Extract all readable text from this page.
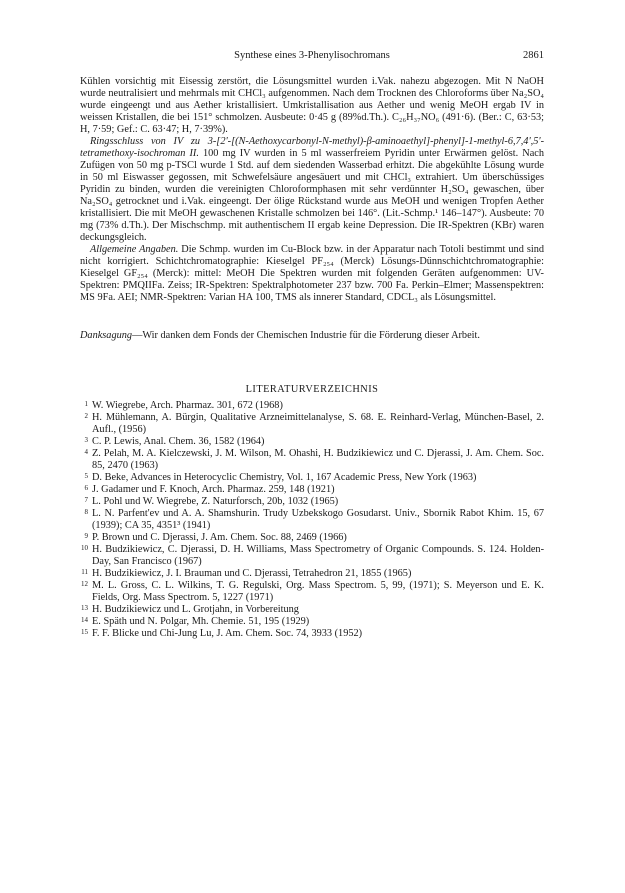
Synthese eines 3-Phenylisochromans	2861

Kühlen vorsichtig mit Eisessig zerstört, die Lösungsmittel wurden i.Vak. nahezu abgezogen. Mit N NaOH wurde neutralisiert und mehrmals mit CHCl₃ aufgenommen. Nach dem Trocknen des Chloroforms über Na₂SO₄ wurde eingeengt und aus Aether kristallisiert. Umkristallisation aus Aether und wenig MeOH ergab IV in weissen Kristallen, die bei 151° schmolzen. Ausbeute: 0·45 g (89%d.Th.). C₂₆H₃₇NO₆ (491·6). (Ber.: C, 63·53; H, 7·59; Gef.: C. 63·47; H, 7·39%).

Ringsschluss von IV zu 3-[2'-[(N-Aethoxycarbonyl-N-methyl)-β-aminoaethyl]-phenyl]-1-methyl-6,7,4',5'-tetramethoxy-isochroman II. 100 mg IV wurden in 5 ml wasserfreiem Pyridin unter Erwärmen gelöst. Nach Zufügen von 50 mg p-TSCl wurde 1 Std. auf dem siedenden Wasserbad erhitzt. Die abgekühlte Lösung wurde in 50 ml Eiswasser gegossen, mit Schwefelsäure angesäuert und mit CHCl₃ extrahiert. Um überschüssiges Pyridin zu binden, wurden die vereinigten Chloroformphasen mit sehr verdünnter H₂SO₄ gewaschen, über Na₂SO₄ getrocknet und i.Vak. eingeengt. Der ölige Rückstand wurde aus MeOH und wenigen Tropfen Aether kristallisiert. Die mit MeOH gewaschenen Kristalle schmolzen bei 146°. (Lit.-Schmp.¹ 146–147°). Ausbeute: 70 mg (73% d.Th.). Der Mischschmp. mit authentischem II ergab keine Depression. Die IR-Spektren (KBr) waren deckungsgleich.

Allgemeine Angaben. Die Schmp. wurden im Cu-Block bzw. in der Apparatur nach Totoli bestimmt und sind nicht korrigiert. Schichtchromatographie: Kieselgel PF₂₅₄ (Merck) Lösungs-Dünnschichtchromatographie: Kieselgel GF₂₅₄ (Merck): mittel: MeOH Die Spektren wurden mit folgenden Geräten aufgenommen: UV-Spektren: PMQIIFa. Zeiss; IR-Spektren: Spektralphotometer 237 bzw. 700 Fa. Perkin–Elmer; Massenspektren: MS 9Fa. AEI; NMR-Spektren: Varian HA 100, TMS als innerer Standard, CDCL₃ als Lösungsmittel.

Danksagung—Wir danken dem Fonds der Chemischen Industrie für die Förderung dieser Arbeit.

LITERATURVERZEICHNIS

1 W. Wiegrebe, Arch. Pharmaz. 301, 672 (1968)
2 H. Mühlemann, A. Bürgin, Qualitative Arzneimittelanalyse, S. 68. E. Reinhard-Verlag, München-Basel, 2. Aufl., (1956)
3 C. P. Lewis, Anal. Chem. 36, 1582 (1964)
4 Z. Pelah, M. A. Kielczewski, J. M. Wilson, M. Ohashi, H. Budzikiewicz und C. Djerassi, J. Am. Chem. Soc. 85, 2470 (1963)
5 D. Beke, Advances in Heterocyclic Chemistry, Vol. 1, 167 Academic Press, New York (1963)
6 J. Gadamer und F. Knoch, Arch. Pharmaz. 259, 148 (1921)
7 L. Pohl und W. Wiegrebe, Z. Naturforsch, 20b, 1032 (1965)
8 L. N. Parfent'ev und A. A. Shamshurin. Trudy Uzbekskogo Gosudarst. Univ., Sbornik Rabot Khim. 15, 67 (1939); CA 35, 4351³ (1941)
9 P. Brown und C. Djerassi, J. Am. Chem. Soc. 88, 2469 (1966)
10 H. Budzikiewicz, C. Djerassi, D. H. Williams, Mass Spectrometry of Organic Compounds. S. 124. Holden-Day, San Francisco (1967)
11 H. Budzikiewicz, J. I. Brauman und C. Djerassi, Tetrahedron 21, 1855 (1965)
12 M. L. Gross, C. L. Wilkins, T. G. Regulski, Org. Mass Spectrom. 5, 99, (1971); S. Meyerson und E. K. Fields, Org. Mass Spectrom. 5, 1227 (1971)
13 H. Budzikiewicz und L. Grotjahn, in Vorbereitung
14 E. Späth und N. Polgar, Mh. Chemie. 51, 195 (1929)
15 F. F. Blicke und Chi-Jung Lu, J. Am. Chem. Soc. 74, 3933 (1952)
